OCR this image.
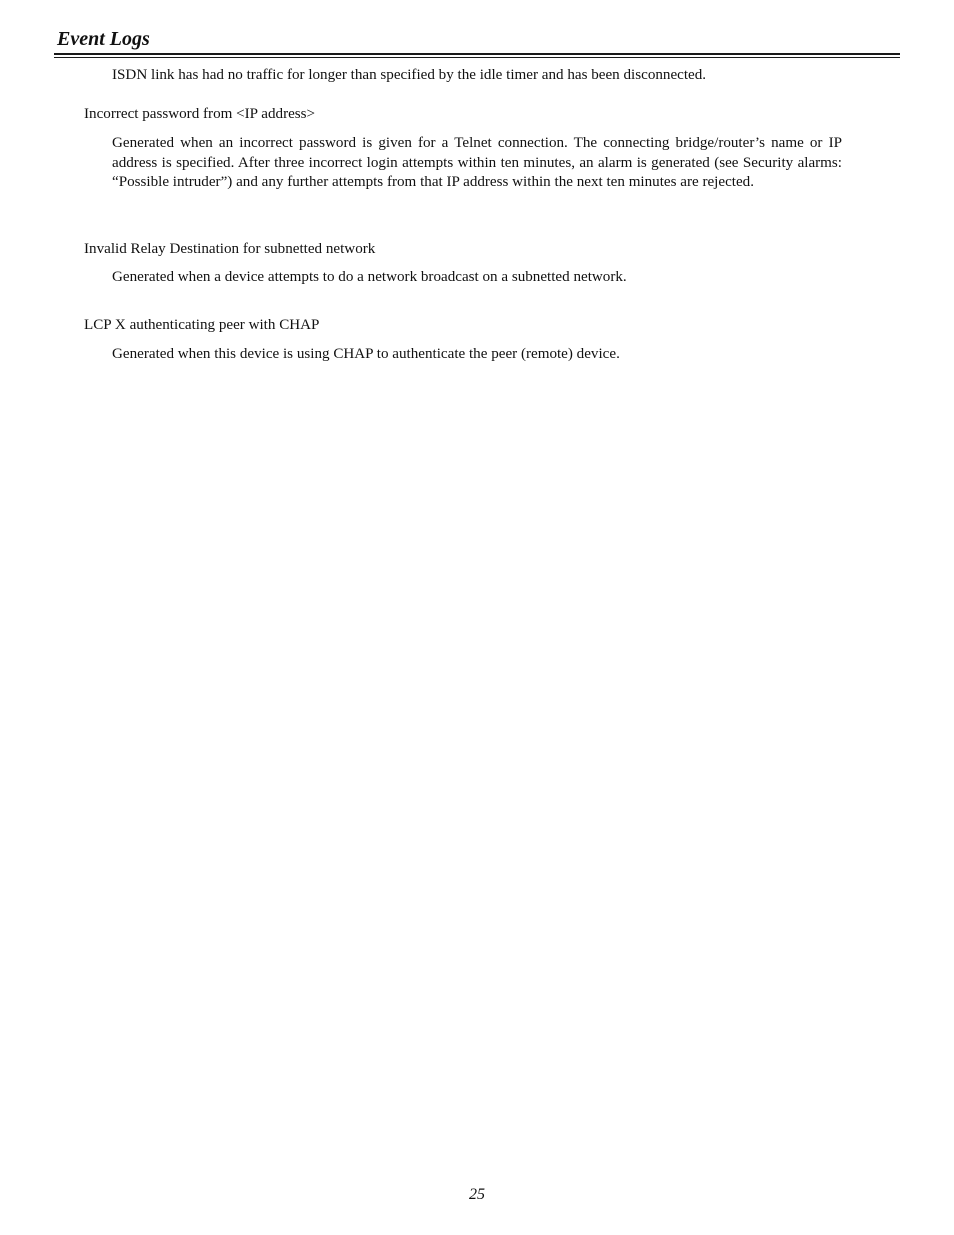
Event Logs

ISDN link has had no traffic for longer than specified by the idle timer and has been disconnected.

Incorrect password from <IP address>

Generated when an incorrect password is given for a Telnet connection. The connecting bridge/router’s name or IP address is specified. After three incorrect login attempts within ten minutes, an alarm is generated (see Security alarms: “Possible intruder”) and any further attempts from that IP address within the next ten minutes are rejected.

Invalid Relay Destination for subnetted network

Generated when a device attempts to do a network broadcast on a subnetted network.

LCP X authenticating peer with CHAP

Generated when this device is using CHAP to authenticate the peer (remote) device.

25
